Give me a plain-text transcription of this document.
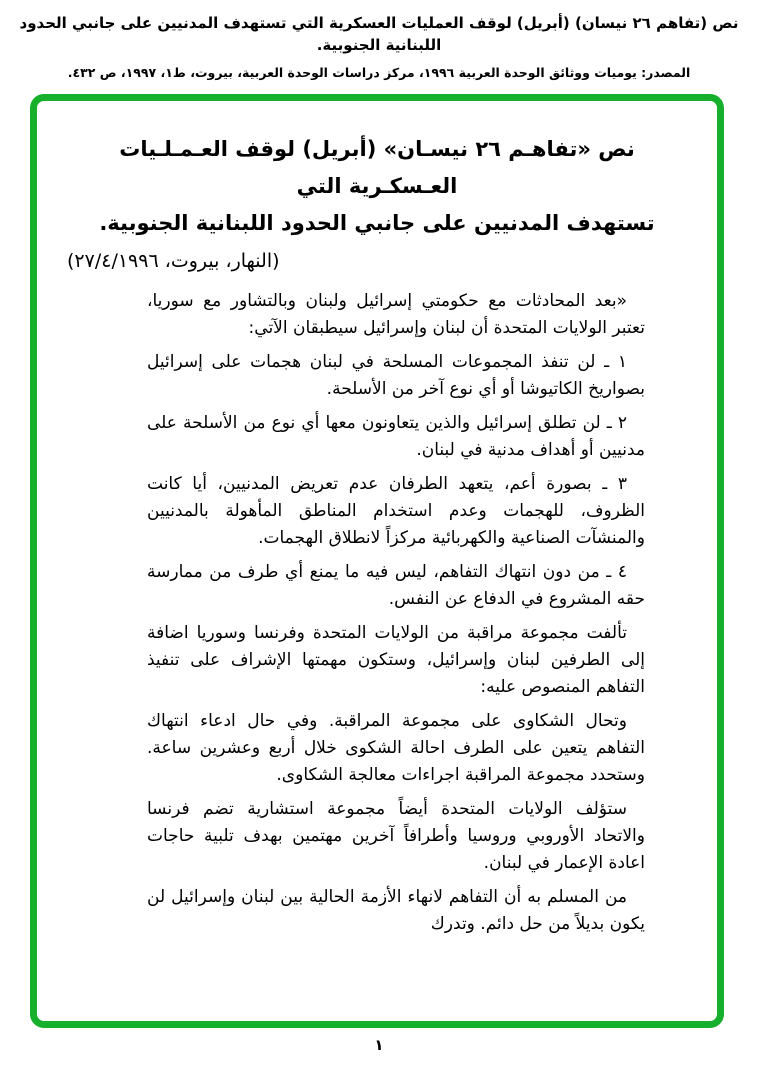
نص (تفاهم ٢٦ نيسان) (أبريل) لوقف العمليات العسكرية التي تستهدف المدنيين على جانبي الحدود اللبنانية الجنوبية.
المصدر: يوميات ووثائق الوحدة العربية ١٩٩٦، مركز دراسات الوحدة العربية، بيروت، ط١، ١٩٩٧، ص ٤٣٢.
نص «تفاهـم ٢٦ نيسـان» (أبريل) لوقف العـمـلـيات العـسكـرية التي
تستهدف المدنيين على جانبي الحدود اللبنانية الجنوبية.
(النهار، بيروت، ٢٧/٤/١٩٩٦)

«بعد المحادثات مع حكومتي إسرائيل ولبنان وبالتشاور مع سوريا، تعتبر الولايات المتحدة أن لبنان وإسرائيل سيطبقان الآتي:

١ ـ لن تنفذ المجموعات المسلحة في لبنان هجمات على إسرائيل بصواريخ الكاتيوشا أو أي نوع آخر من الأسلحة.

٢ ـ لن تطلق إسرائيل والذين يتعاونون معها أي نوع من الأسلحة على مدنيين أو أهداف مدنية في لبنان.

٣ ـ بصورة أعم، يتعهد الطرفان عدم تعريض المدنيين، أيا كانت الظروف، للهجمات وعدم استخدام المناطق المأهولة بالمدنيين والمنشآت الصناعية والكهربائية مركزاً لانطلاق الهجمات.

٤ ـ من دون انتهاك التفاهم، ليس فيه ما يمنع أي طرف من ممارسة حقه المشروع في الدفاع عن النفس.

تألفت مجموعة مراقبة من الولايات المتحدة وفرنسا وسوريا اضافة إلى الطرفين لبنان وإسرائيل، وستكون مهمتها الإشراف على تنفيذ التفاهم المنصوص عليه:

وتحال الشكاوى على مجموعة المراقبة. وفي حال ادعاء انتهاك التفاهم يتعين على الطرف احالة الشكوى خلال أربع وعشرين ساعة. وستحدد مجموعة المراقبة اجراءات معالجة الشكاوى.

ستؤلف الولايات المتحدة أيضاً مجموعة استشارية تضم فرنسا والاتحاد الأوروبي وروسيا وأطرافاً آخرين مهتمين بهدف تلبية حاجات اعادة الإعمار في لبنان.

من المسلم به أن التفاهم لانهاء الأزمة الحالية بين لبنان وإسرائيل لن يكون بديلاً من حل دائم. وتدرك

١
